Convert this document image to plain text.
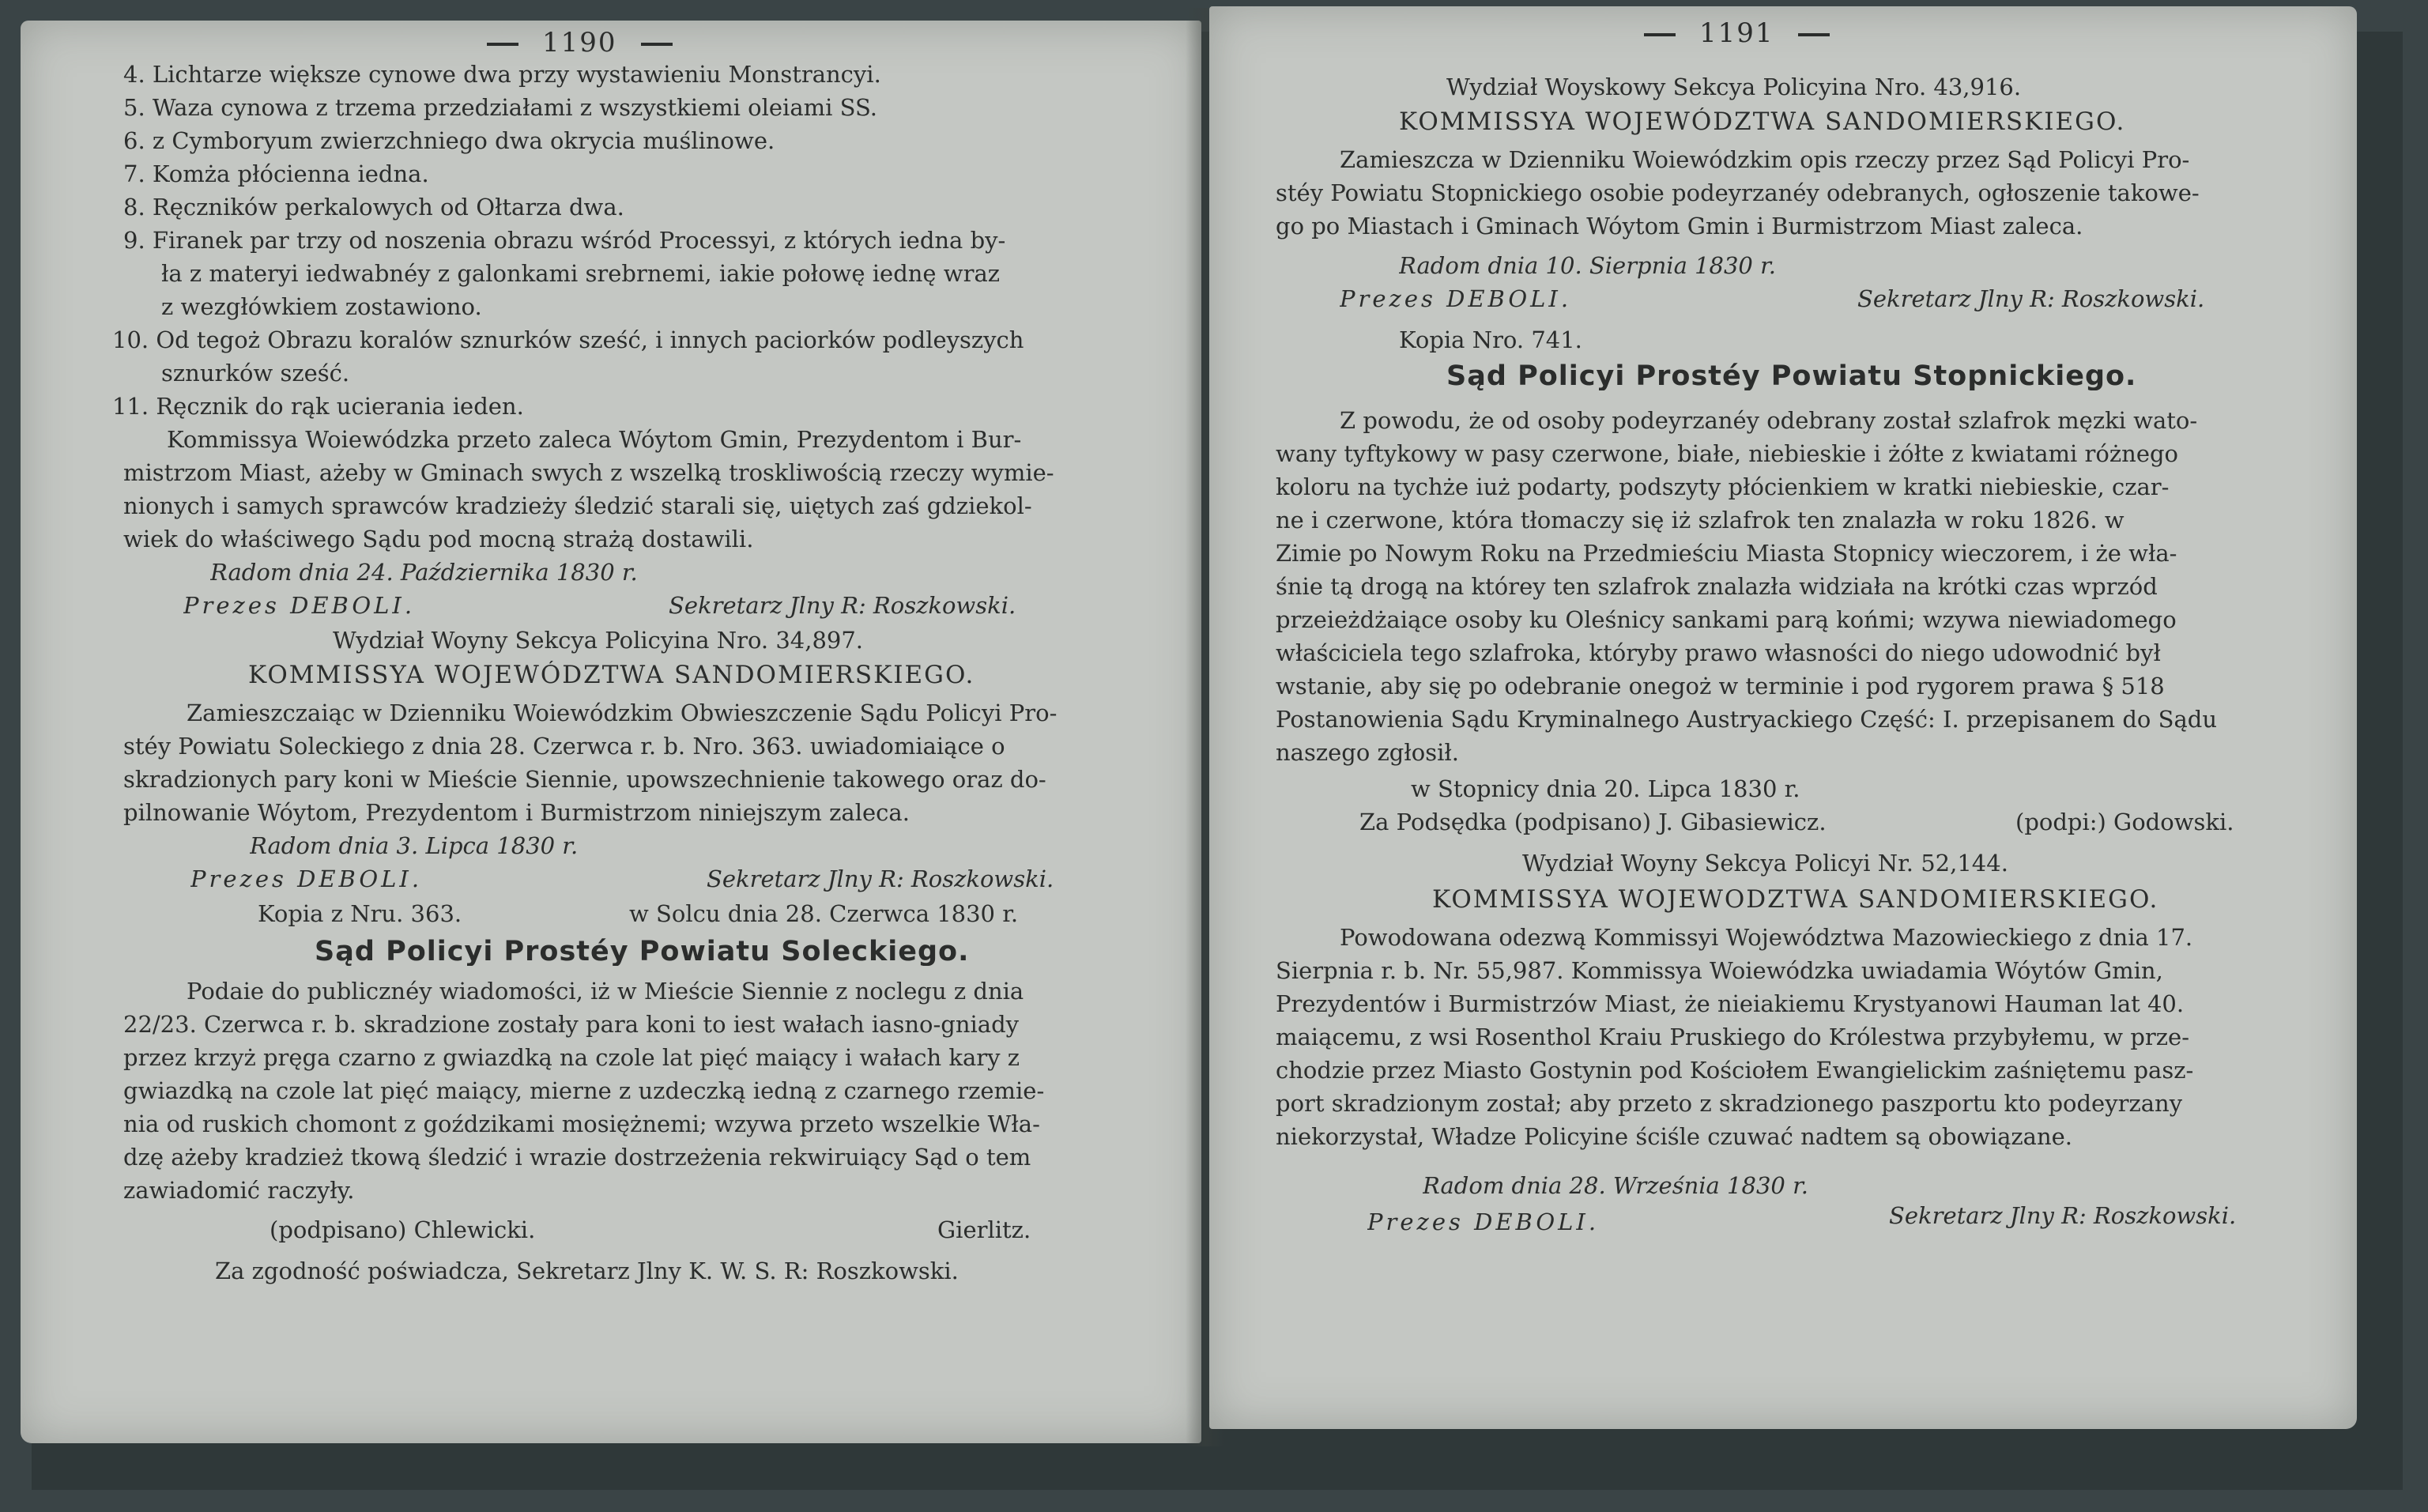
1190
4. Lichtarze większe cynowe dwa przy wystawieniu Monstrancyi.
5. Waza cynowa z trzema przedziałami z wszystkiemi oleiami SS.
6. z Cymboryum zwierzchniego dwa okrycia muślinowe.
7. Komża płócienna iedna.
8. Ręczników perkalowych od Ołtarza dwa.
9. Firanek par trzy od noszenia obrazu wśród Processyi, z których iedna by-
ła z materyi iedwabnéy z galonkami srebrnemi, iakie połowę iednę wraz
z wezgłówkiem zostawiono.
10. Od tegoż Obrazu koralów sznurków sześć, i innych paciorków podleyszych
sznurków sześć.
11. Ręcznik do rąk ucierania ieden.
Kommissya Woiewódzka przeto zaleca Wóytom Gmin, Prezydentom i Bur-
mistrzom Miast, ażeby w Gminach swych z wszelką troskliwością rzeczy wymie-
nionych i samych sprawców kradzieży śledzić starali się, uiętych zaś gdziekol-
wiek do właściwego Sądu pod mocną strażą dostawili.
Radom dnia 24. Października 1830 r.
Prezes DEBOLI.	Sekretarz Jlny R: Roszkowski.
Wydział Woyny Sekcya Policyina Nro. 34,897.
KOMMISSYA WOJEWÓDZTWA SANDOMIERSKIEGO.
Zamieszczaiąc w Dzienniku Woiewódzkim Obwieszczenie Sądu Policyi Pro-
stéy Powiatu Soleckiego z dnia 28. Czerwca r. b. Nro. 363. uwiadomiaiące o
skradzionych pary koni w Mieście Siennie, upowszechnienie takowego oraz do-
pilnowanie Wóytom, Prezydentom i Burmistrzom niniejszym zaleca.
Radom dnia 3. Lipca 1830 r.
Prezes DEBOLI.	Sekretarz Jlny R: Roszkowski.
Kopia z Nru. 363.	w Solcu dnia 28. Czerwca 1830 r.
Sąd Policyi Prostéy Powiatu Soleckiego.
Podaie do publicznéy wiadomości, iż w Mieście Siennie z noclegu z dnia
22/23. Czerwca r. b. skradzione zostały para koni to iest wałach iasno-gniady
przez krzyż pręga czarno z gwiazdką na czole lat pięć maiący i wałach kary z
gwiazdką na czole lat pięć maiący, mierne z uzdeczką iedną z czarnego rzemie-
nia od ruskich chomont z goździkami mosiężnemi; wzywa przeto wszelkie Wła-
dzę ażeby kradzież tkową śledzić i wrazie dostrzeżenia rekwiruiący Sąd o tem
zawiadomić raczyły.
(podpisano) Chlewicki.	Gierlitz.
Za zgodność poświadcza, Sekretarz Jlny K. W. S. R: Roszkowski.
1191
Wydział Woyskowy Sekcya Policyina Nro. 43,916.
KOMMISSYA WOJEWÓDZTWA SANDOMIERSKIEGO.
Zamieszcza w Dzienniku Woiewódzkim opis rzeczy przez Sąd Policyi Pro-
stéy Powiatu Stopnickiego osobie podeyrzanéy odebranych, ogłoszenie takowe-
go po Miastach i Gminach Wóytom Gmin i Burmistrzom Miast zaleca.
Radom dnia 10. Sierpnia 1830 r.
Prezes DEBOLI.	Sekretarz Jlny R: Roszkowski.
Kopia Nro. 741.
Sąd Policyi Prostéy Powiatu Stopnickiego.
Z powodu, że od osoby podeyrzanéy odebrany został szlafrok męzki wato-
wany tyftykowy w pasy czerwone, białe, niebieskie i żółte z kwiatami różnego
koloru na tychże iuż podarty, podszyty płócienkiem w kratki niebieskie, czar-
ne i czerwone, która tłomaczy się iż szlafrok ten znalazła w roku 1826. w
Zimie po Nowym Roku na Przedmieściu Miasta Stopnicy wieczorem, i że wła-
śnie tą drogą na którey ten szlafrok znalazła widziała na krótki czas wprzód
przeieżdżaiące osoby ku Oleśnicy sankami parą końmi; wzywa niewiadomego
właściciela tego szlafroka, któryby prawo własności do niego udowodnić był
wstanie, aby się po odebranie onegoż w terminie i pod rygorem prawa § 518
Postanowienia Sądu Kryminalnego Austryackiego Część: I. przepisanem do Sądu
naszego zgłosił.
w Stopnicy dnia 20. Lipca 1830 r.
Za Podsędka (podpisano) J. Gibasiewicz.	(podpi:) Godowski.
Wydział Woyny Sekcya Policyi Nr. 52,144.
KOMMISSYA WOJEWODZTWA SANDOMIERSKIEGO.
Powodowana odezwą Kommissyi Województwa Mazowieckiego z dnia 17.
Sierpnia r. b. Nr. 55,987. Kommissya Woiewódzka uwiadamia Wóytów Gmin,
Prezydentów i Burmistrzów Miast, że nieiakiemu Krystyanowi Hauman lat 40.
maiącemu, z wsi Rosenthol Kraiu Pruskiego do Królestwa przybyłemu, w prze-
chodzie przez Miasto Gostynin pod Kościołem Ewangielickim zaśniętemu pasz-
port skradzionym został; aby przeto z skradzionego paszportu kto podeyrzany
niekorzystał, Władze Policyine ściśle czuwać nadtem są obowiązane.
Radom dnia 28. Września 1830 r.
Prezes DEBOLI.	Sekretarz Jlny R: Roszkowski.
